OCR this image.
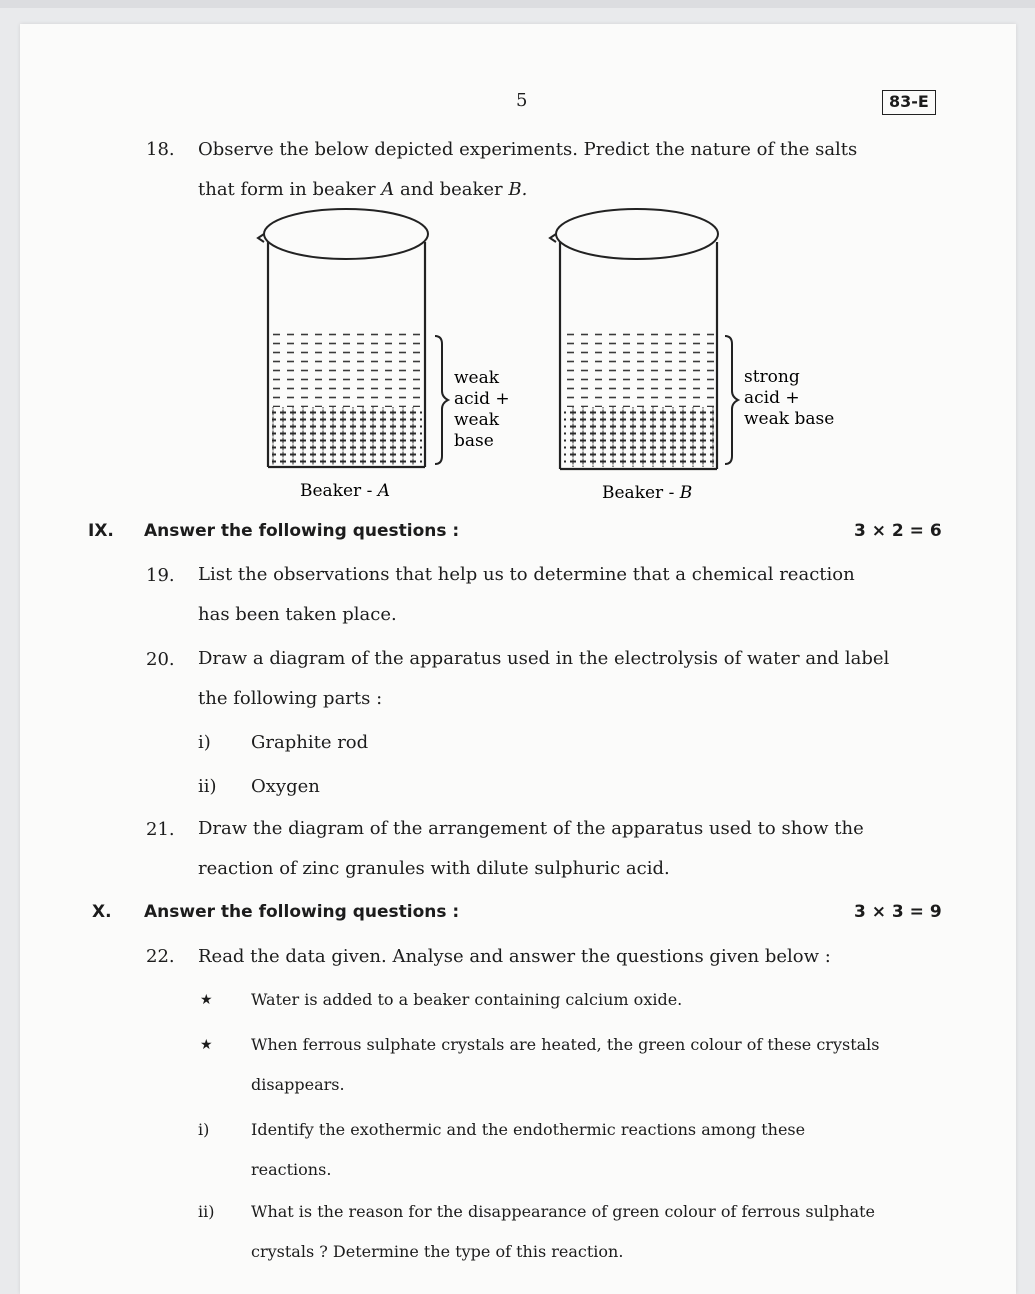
5	83-E
18. Observe the below depicted experiments. Predict the nature of the salts
that form in beaker A and beaker B.
weak
acid +
weak
base
Beaker - A
strong
acid +
weak base
Beaker - B
IX. Answer the following questions :	3 × 2 = 6
19. List the observations that help us to determine that a chemical reaction
has been taken place.
20. Draw a diagram of the apparatus used in the electrolysis of water and label
the following parts :
i) Graphite rod
ii) Oxygen
21. Draw the diagram of the arrangement of the apparatus used to show the
reaction of zinc granules with dilute sulphuric acid.
X. Answer the following questions :	3 × 3 = 9
22. Read the data given. Analyse and answer the questions given below :
★ Water is added to a beaker containing calcium oxide.
★ When ferrous sulphate crystals are heated, the green colour of these crystals
disappears.
i)	Identify the exothermic and the endothermic reactions among these
reactions.
ii) What is the reason for the disappearance of green colour of ferrous sulphate
crystals ? Determine the type of this reaction.
